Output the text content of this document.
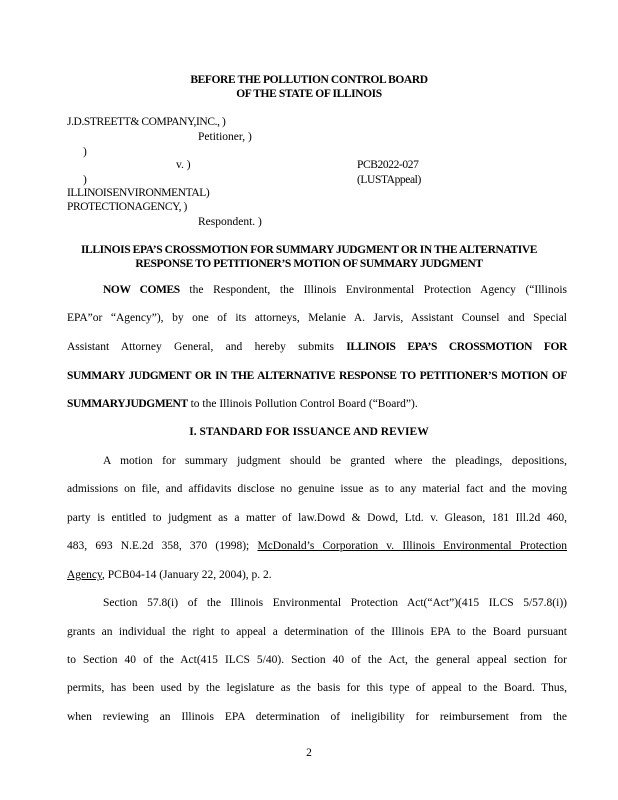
BEFORE THE POLLUTION CONTROL BOARD
OF THE STATE OF ILLINOIS
J.D.STREETT& COMPANY,INC., )
Petitioner, )
)
v. )	PCB2022-027
)	(LUSTAppeal)
ILLINOISENVIRONMENTAL)
PROTECTIONAGENCY, )
Respondent. )
ILLINOIS EPA’S CROSSMOTION FOR SUMMARY JUDGMENT OR IN THE ALTERNATIVE
RESPONSE TO PETITIONER’S MOTION OF SUMMARY JUDGMENT
NOW COMES the Respondent, the Illinois Environmental Protection Agency (“Illinois
EPA”or “Agency”), by one of its attorneys, Melanie A. Jarvis, Assistant Counsel and Special
Assistant Attorney General, and hereby submits ILLINOIS EPA’S CROSSMOTION FOR
SUMMARY JUDGMENT OR IN THE ALTERNATIVE RESPONSE TO PETITIONER’S MOTION OF
SUMMARYJUDGMENT to the Illinois Pollution Control Board (“Board”).
I. STANDARD FOR ISSUANCE AND REVIEW
A motion for summary judgment should be granted where the pleadings, depositions,
admissions on file, and affidavits disclose no genuine issue as to any material fact and the moving
party is entitled to judgment as a matter of law.Dowd & Dowd, Ltd. v. Gleason, 181 Ill.2d 460,
483, 693 N.E.2d 358, 370 (1998); McDonald’s Corporation v. Illinois Environmental Protection
Agency, PCB04-14 (January 22, 2004), p. 2.
Section 57.8(i) of the Illinois Environmental Protection Act(“Act”)(415 ILCS 5/57.8(i))
grants an individual the right to appeal a determination of the Illinois EPA to the Board pursuant
to Section 40 of the Act(415 ILCS 5/40). Section 40 of the Act, the general appeal section for
permits, has been used by the legislature as the basis for this type of appeal to the Board. Thus,
when reviewing an Illinois EPA determination of ineligibility for reimbursement from the
2
